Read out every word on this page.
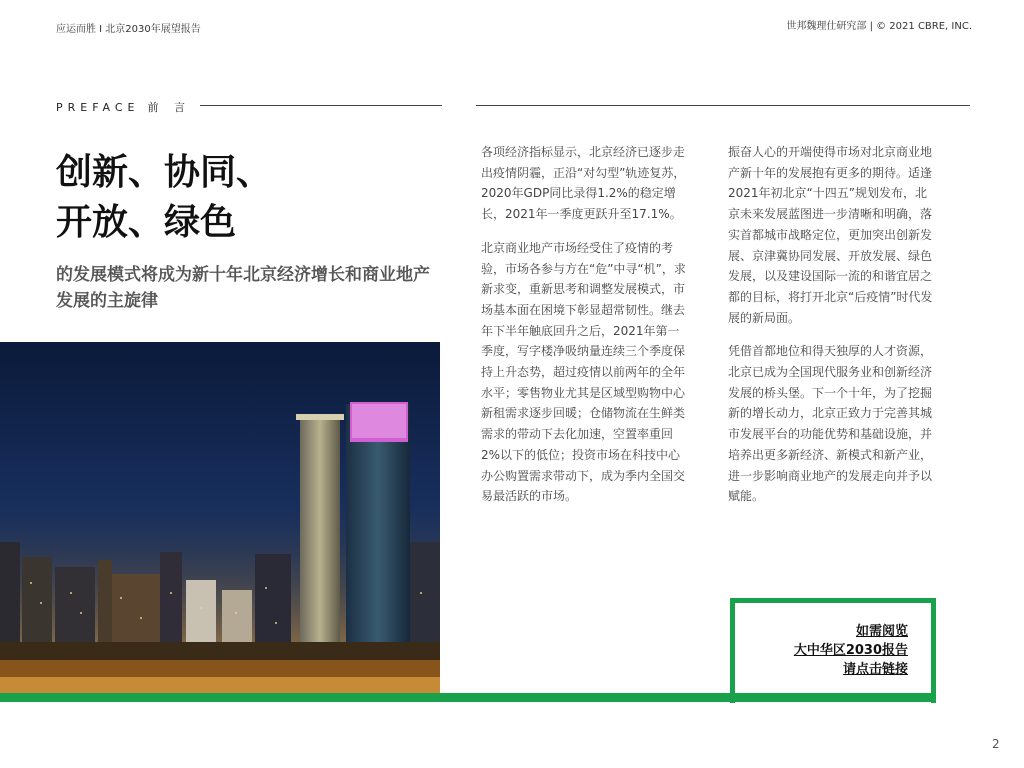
应运而胜 I 北京2030年展望报告	世邦魏理仕研究部 | © 2021 CBRE, INC.
PREFACE 前 言
创新、协同、
开放、绿色
的发展模式将成为新十年北京经济增长和商业地产发展的主旋律

各项经济指标显示，北京经济已逐步走出疫情阴霾，正沿“对勾型”轨迹复苏，2020年GDP同比录得1.2%的稳定增长，2021年一季度更跃升至17.1%。

北京商业地产市场经受住了疫情的考验，市场各参与方在“危”中寻“机”，求新求变，重新思考和调整发展模式，市场基本面在困境下彰显超常韧性。继去年下半年触底回升之后，2021年第一季度，写字楼净吸纳量连续三个季度保持上升态势，超过疫情以前两年的全年水平；零售物业尤其是区域型购物中心新租需求逐步回暖；仓储物流在生鲜类需求的带动下去化加速，空置率重回2%以下的低位；投资市场在科技中心办公购置需求带动下，成为季内全国交易最活跃的市场。

振奋人心的开端使得市场对北京商业地产新十年的发展抱有更多的期待。适逢2021年初北京“十四五”规划发布，北京未来发展蓝图进一步清晰和明确，落实首都城市战略定位，更加突出创新发展、京津冀协同发展、开放发展、绿色发展，以及建设国际一流的和谐宜居之都的目标，将打开北京“后疫情”时代发展的新局面。

凭借首都地位和得天独厚的人才资源，北京已成为全国现代服务业和创新经济发展的桥头堡。下一个十年，为了挖掘新的增长动力，北京正致力于完善其城市发展平台的功能优势和基础设施，并培养出更多新经济、新模式和新产业，进一步影响商业地产的发展走向并予以赋能。

如需阅览
大中华区2030报告
请点击链接
2
